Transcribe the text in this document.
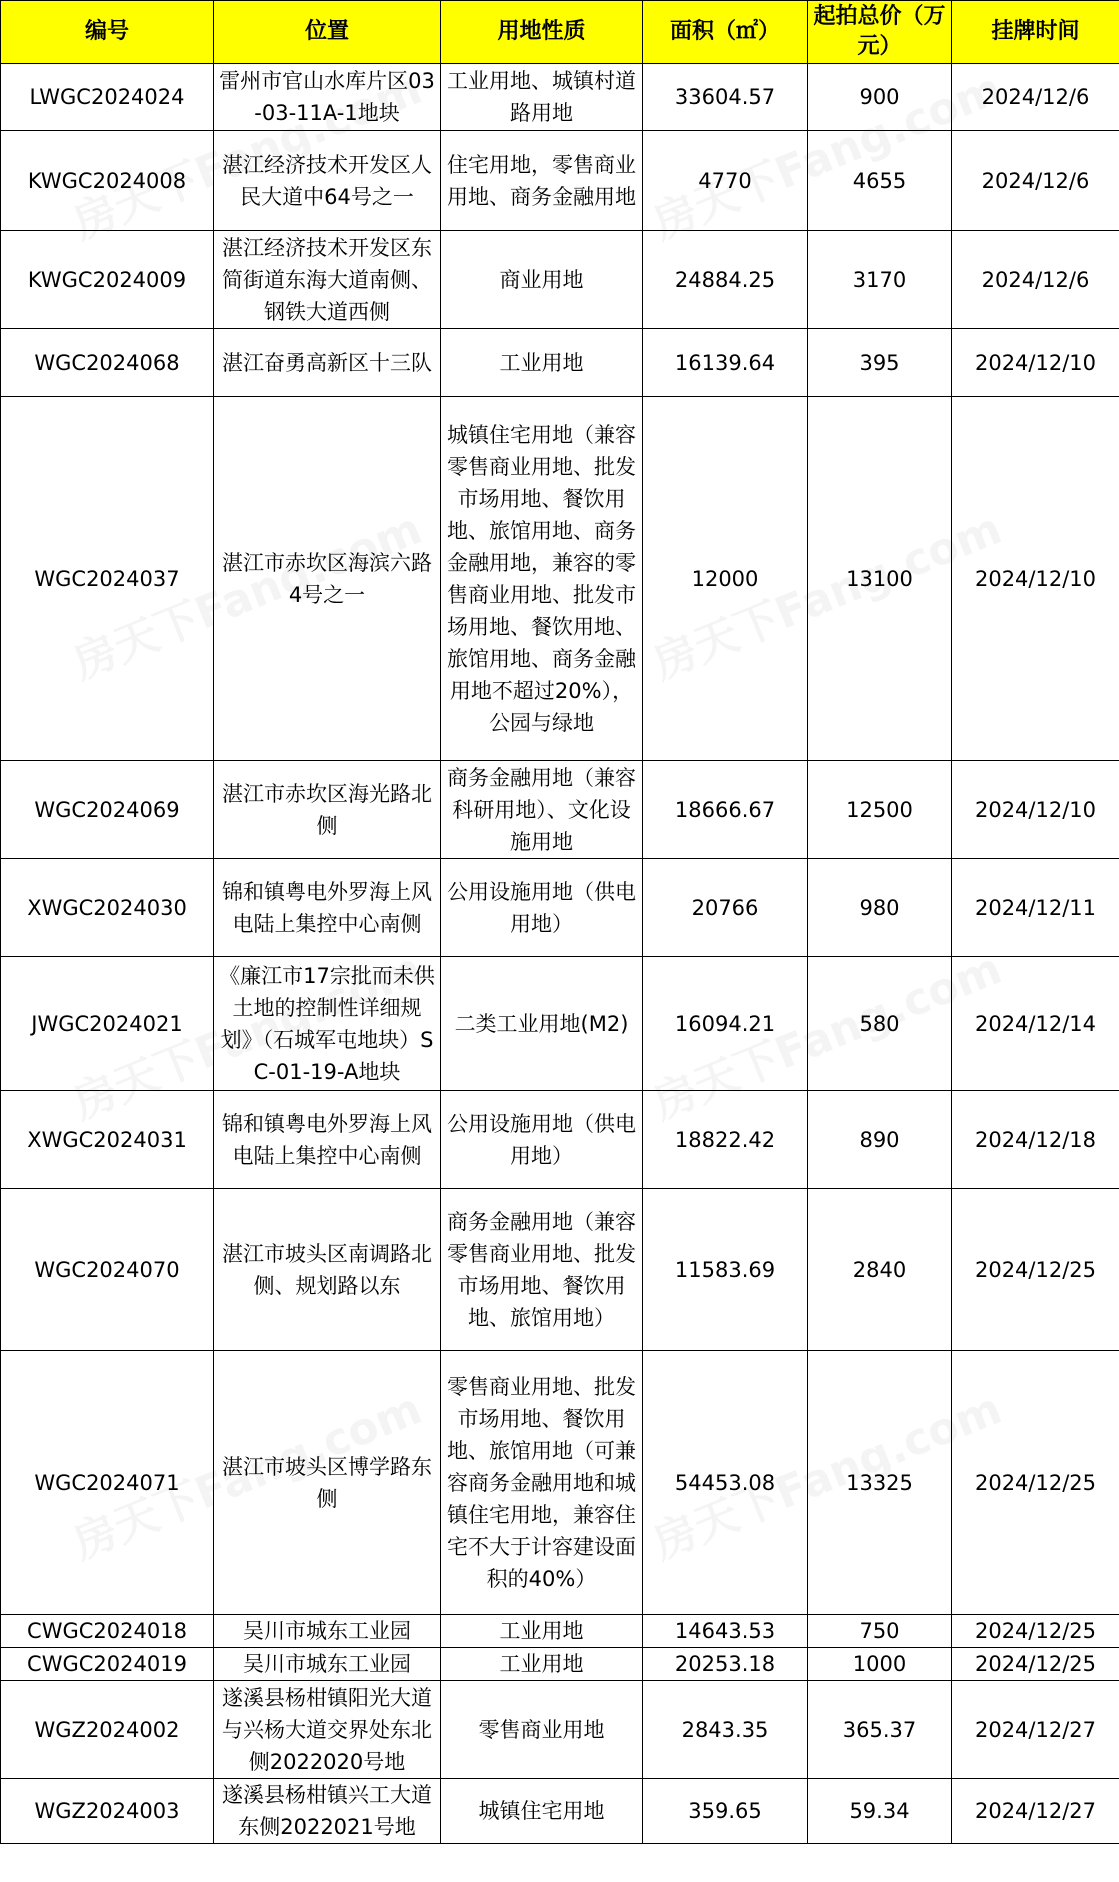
编号	位置	用地性质	面积（㎡）	起拍总价（万元）	挂牌时间
LWGC2024024	雷州市官山水库片区03-03-11A-1地块	工业用地、城镇村道路用地	33604.57	900	2024/12/6
KWGC2024008	湛江经济技术开发区人民大道中64号之一	住宅用地，零售商业用地、商务金融用地	4770	4655	2024/12/6
KWGC2024009	湛江经济技术开发区东简街道东海大道南侧、钢铁大道西侧	商业用地	24884.25	3170	2024/12/6
WGC2024068	湛江奋勇高新区十三队	工业用地	16139.64	395	2024/12/10
WGC2024037	湛江市赤坎区海滨六路4号之一	城镇住宅用地（兼容零售商业用地、批发市场用地、餐饮用地、旅馆用地、商务金融用地，兼容的零售商业用地、批发市场用地、餐饮用地、旅馆用地、商务金融用地不超过20%），公园与绿地	12000	13100	2024/12/10
WGC2024069	湛江市赤坎区海光路北侧	商务金融用地（兼容科研用地）、文化设施用地	18666.67	12500	2024/12/10
XWGC2024030	锦和镇粤电外罗海上风电陆上集控中心南侧	公用设施用地（供电用地）	20766	980	2024/12/11
JWGC2024021	《廉江市17宗批而未供土地的控制性详细规划》（石城军屯地块）SC-01-19-A地块	二类工业用地(M2)	16094.21	580	2024/12/14
XWGC2024031	锦和镇粤电外罗海上风电陆上集控中心南侧	公用设施用地（供电用地）	18822.42	890	2024/12/18
WGC2024070	湛江市坡头区南调路北侧、规划路以东	商务金融用地（兼容零售商业用地、批发市场用地、餐饮用地、旅馆用地）	11583.69	2840	2024/12/25
WGC2024071	湛江市坡头区博学路东侧	零售商业用地、批发市场用地、餐饮用地、旅馆用地（可兼容商务金融用地和城镇住宅用地，兼容住宅不大于计容建设面积的40%）	54453.08	13325	2024/12/25
CWGC2024018	吴川市城东工业园	工业用地	14643.53	750	2024/12/25
CWGC2024019	吴川市城东工业园	工业用地	20253.18	1000	2024/12/25
WGZ2024002	遂溪县杨柑镇阳光大道与兴杨大道交界处东北侧2022020号地	零售商业用地	2843.35	365.37	2024/12/27
WGZ2024003	遂溪县杨柑镇兴工大道东侧2022021号地	城镇住宅用地	359.65	59.34	2024/12/27
